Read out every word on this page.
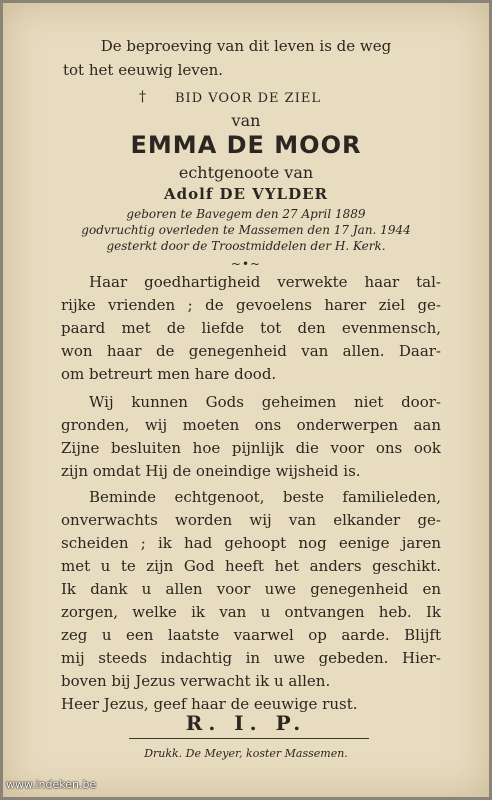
De beproeving van dit leven is de weg
tot het eeuwig leven.
† BID VOOR DE ZIEL
van
EMMA DE MOOR
echtgenoote van
Adolf DE VYLDER
geboren te Bavegem den 27 April 1889
godvruchtig overleden te Massemen den 17 Jan. 1944
gesterkt door de Troostmiddelen der H. Kerk.
~•~
Haar goedhartigheid verwekte haar tal-
rijke vrienden ; de gevoelens harer ziel ge-
paard met de liefde tot den evenmensch,
won haar de genegenheid van allen. Daar-
om betreurt men hare dood.
Wij kunnen Gods geheimen niet door-
gronden, wij moeten ons onderwerpen aan
Zijne besluiten hoe pijnlijk die voor ons ook
zijn omdat Hij de oneindige wijsheid is.
Beminde echtgenoot, beste familieleden,
onverwachts worden wij van elkander ge-
scheiden ; ik had gehoopt nog eenige jaren
met u te zijn God heeft het anders geschikt.
Ik dank u allen voor uwe genegenheid en
zorgen, welke ik van u ontvangen heb. Ik
zeg u een laatste vaarwel op aarde. Blijft
mij steeds indachtig in uwe gebeden. Hier-
boven bij Jezus verwacht ik u allen.
Heer Jezus, geef haar de eeuwige rust.
R. I. P.
Drukk. De Meyer, koster Massemen.
www.indeken.be
